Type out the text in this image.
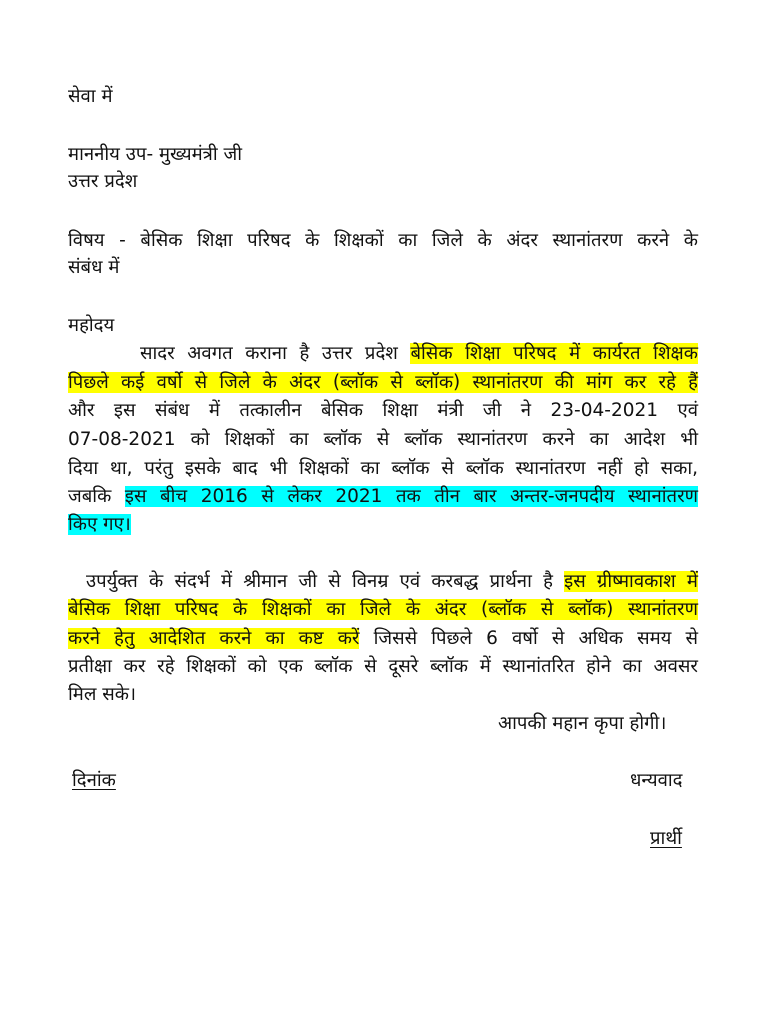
सेवा में
माननीय उप- मुख्यमंत्री जी
उत्तर प्रदेश
विषय - बेसिक शिक्षा परिषद के शिक्षकों का जिले के अंदर स्थानांतरण करने के
संबंध में
महोदय
सादर अवगत कराना है उत्तर प्रदेश बेसिक शिक्षा परिषद में कार्यरत शिक्षक
पिछले कई वर्षो से जिले के अंदर (ब्लॉक से ब्लॉक) स्थानांतरण की मांग कर रहे हैं
और इस संबंध में तत्कालीन बेसिक शिक्षा मंत्री जी ने 23-04-2021 एवं
07-08-2021 को शिक्षकों का ब्लॉक से ब्लॉक स्थानांतरण करने का आदेश भी
दिया था, परंतु इसके बाद भी शिक्षकों का ब्लॉक से ब्लॉक स्थानांतरण नहीं हो सका,
जबकि इस बीच 2016 से लेकर 2021 तक तीन बार अन्तर-जनपदीय स्थानांतरण
किए गए।
उपर्युक्त के संदर्भ में श्रीमान जी से विनम्र एवं करबद्ध प्रार्थना है इस ग्रीष्मावकाश में
बेसिक शिक्षा परिषद के शिक्षकों का जिले के अंदर (ब्लॉक से ब्लॉक) स्थानांतरण
करने हेतु आदेशित करने का कष्ट करें जिससे पिछले 6 वर्षो से अधिक समय से
प्रतीक्षा कर रहे शिक्षकों को एक ब्लॉक से दूसरे ब्लॉक में स्थानांतरित होने का अवसर
मिल सके।
आपकी महान कृपा होगी।
दिनांक	धन्यवाद
प्रार्थी
